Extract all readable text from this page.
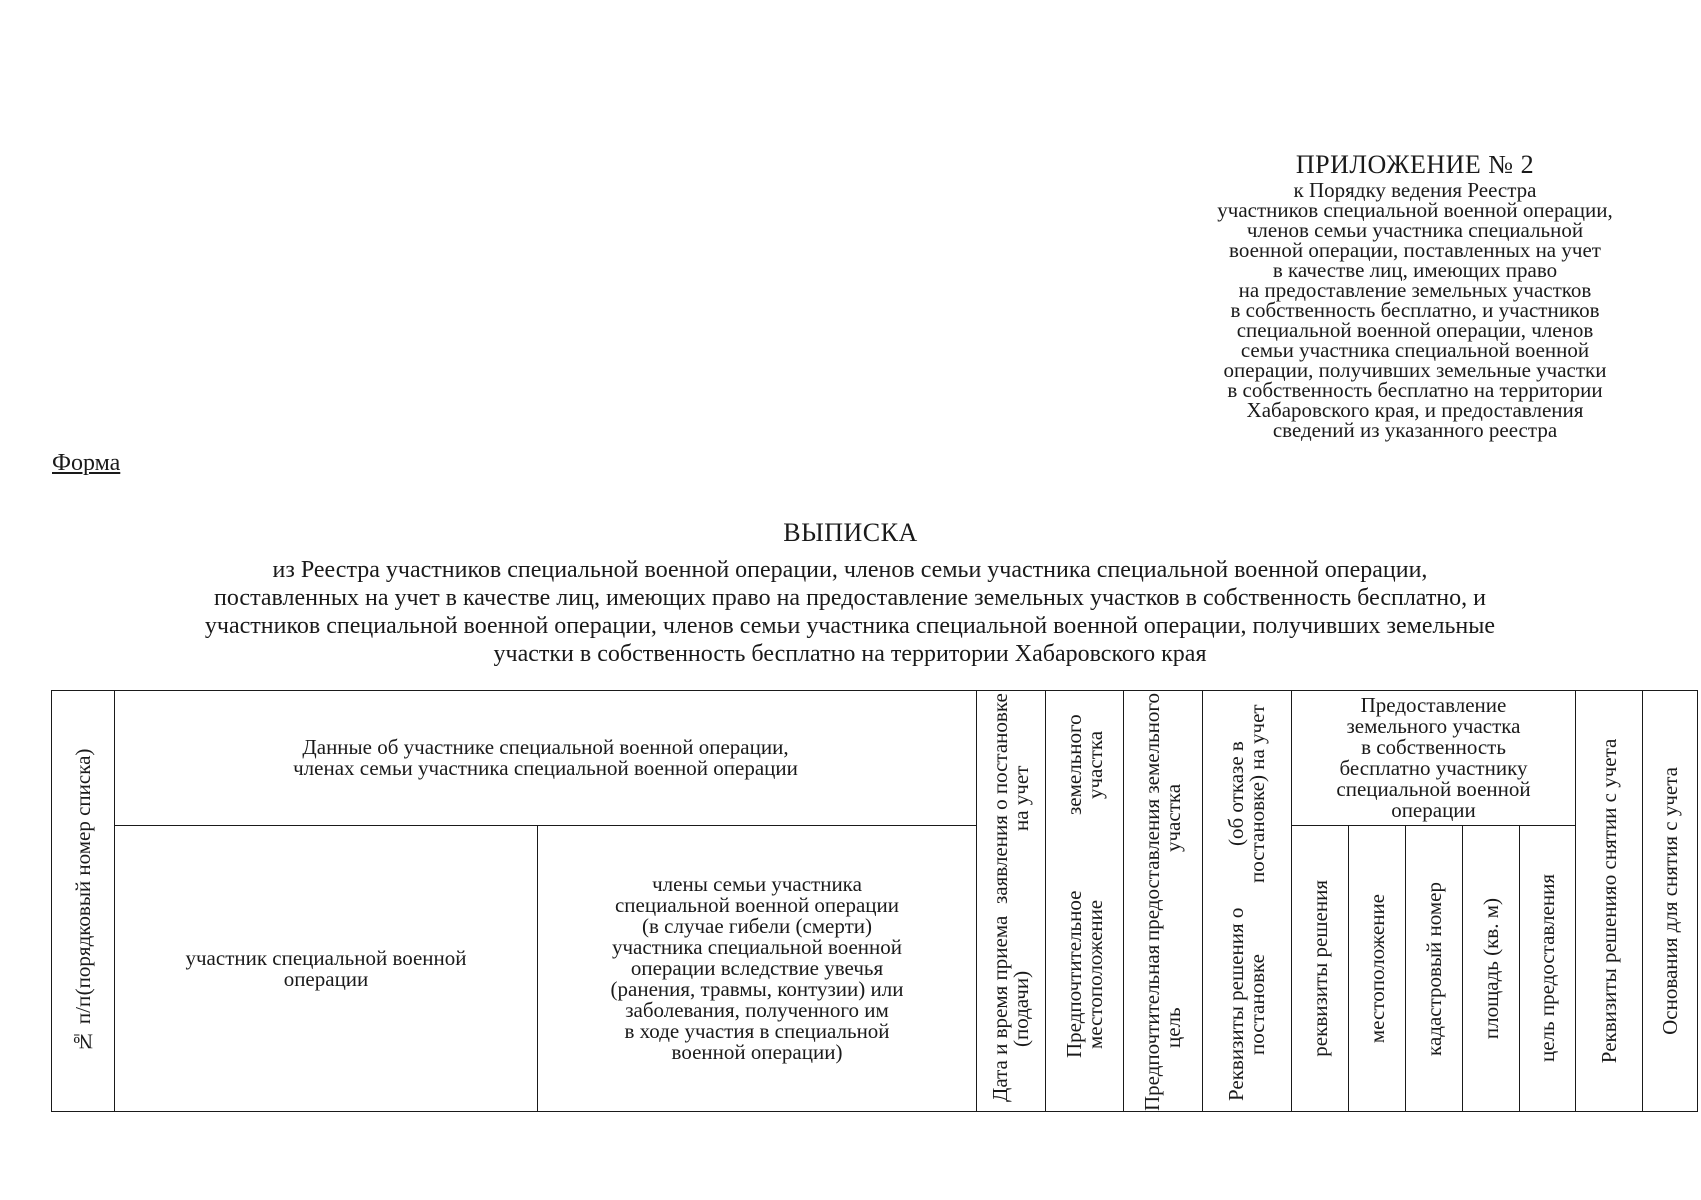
ПРИЛОЖЕНИЕ № 2
к Порядку ведения Реестра
участников специальной военной операции,
членов семьи участника специальной
военной операции, поставленных на учет
в качестве лиц, имеющих право
на предоставление земельных участков
в собственность бесплатно, и участников
специальной военной операции, членов
семьи участника специальной военной
операции, получивших земельные участки
в собственность бесплатно на территории
Хабаровского края, и предоставления
сведений из указанного реестра
Форма
ВЫПИСКА
из Реестра участников специальной военной операции, членов семьи участника специальной военной операции,
поставленных на учет в качестве лиц, имеющих право на предоставление земельных участков в собственность бесплатно, и
участников специальной военной операции, членов семьи участника специальной военной операции, получивших земельные
участки в собственность бесплатно на территории Хабаровского края
№ п/п
(порядковый номер списка)
Данные об участнике специальной военной операции,
членах семьи участника специальной военной операции
участник специальной военной
операции
члены семьи участника
специальной военной операции
(в случае гибели (смерти)
участника специальной военной
операции вследствие увечья
(ранения, травмы, контузии) или
заболевания, полученного им
в ходе участия в специальной
военной операции)	Дата и время приема (подачи)
заявления о постановке на учет
Предпочтительное местоположение
земельного участка
Предпочтительная цель
предоставления земельного участка
Реквизиты решения о постановке
(об отказе в постановке) на учет	Предоставление
земельного участка
в собственность
бесплатно участнику
специальной военной
операции
реквизиты решения местоположение кадастровый номер площадь (кв. м) цель предоставления Реквизиты решения
о снятии с учета Основания для снятия с учета
